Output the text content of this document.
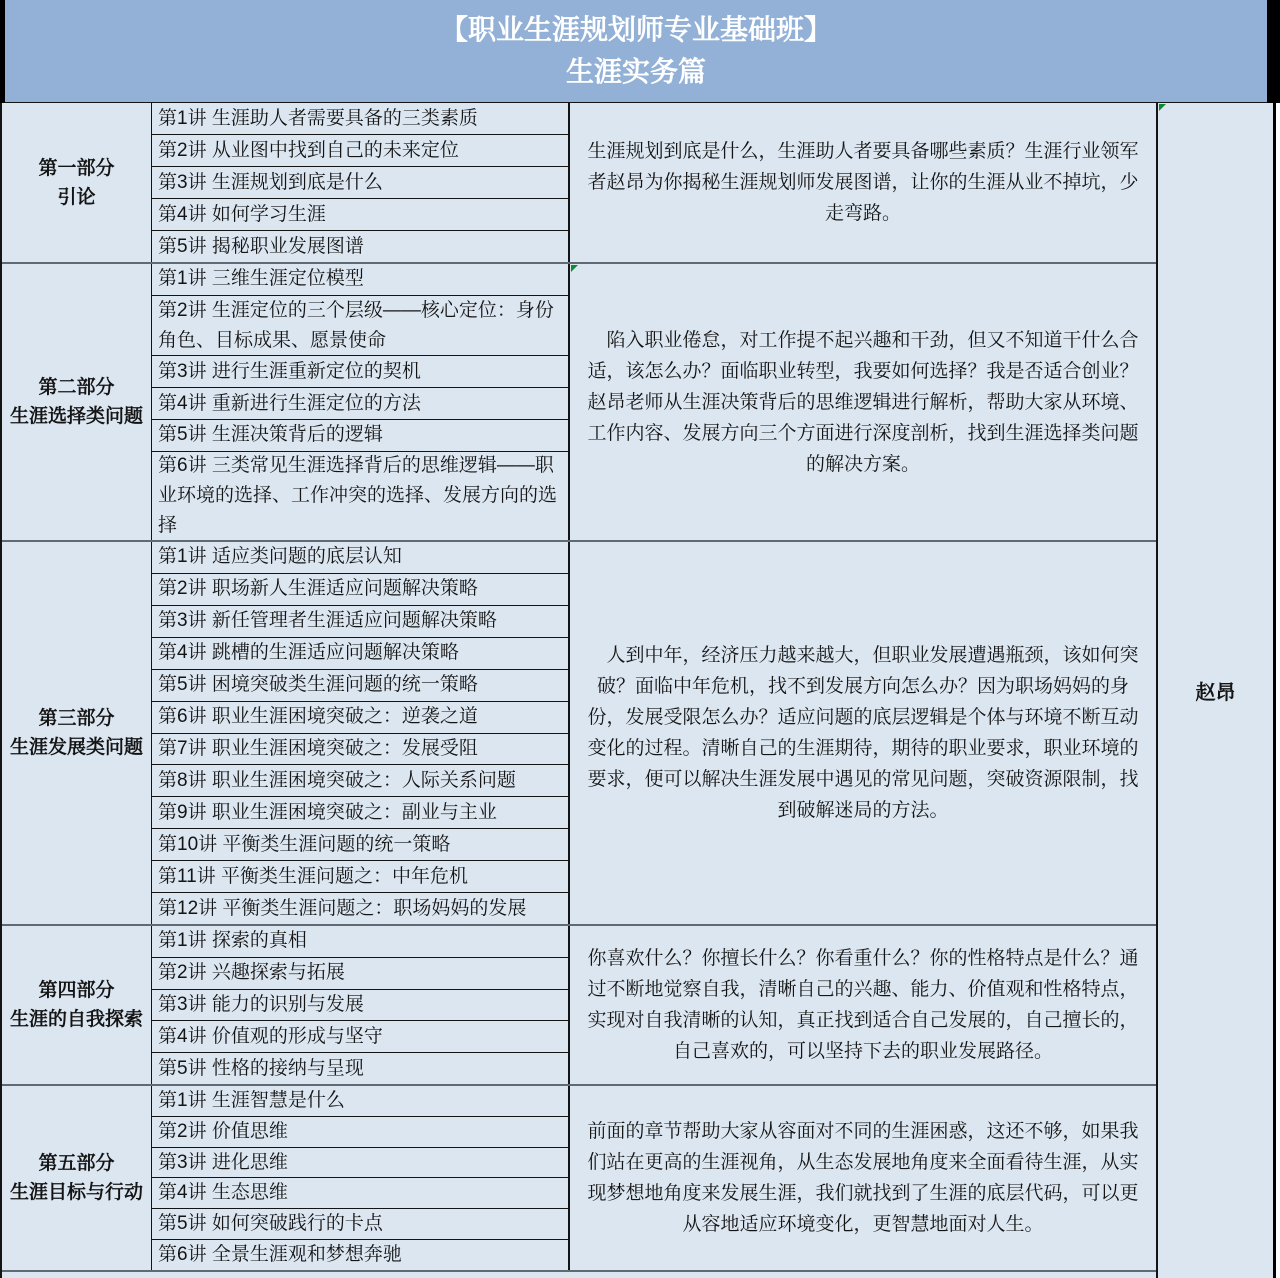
【职业生涯规划师专业基础班】
生涯实务篇
第一部分
引论
第1讲 生涯助人者需要具备的三类素质
第2讲 从业图中找到自己的未来定位
第3讲 生涯规划到底是什么
第4讲 如何学习生涯
第5讲 揭秘职业发展图谱

生涯规划到底是什么，生涯助人者要具备哪些素质？生涯行业领军者赵昂为你揭秘生涯规划师发展图谱，让你的生涯从业不掉坑，少走弯路。

第二部分
生涯选择类问题
第1讲 三维生涯定位模型
第2讲 生涯定位的三个层级——核心定位：身份角色、目标成果、愿景使命
第3讲 进行生涯重新定位的契机
第4讲 重新进行生涯定位的方法
第5讲 生涯决策背后的逻辑
第6讲 三类常见生涯选择背后的思维逻辑——职业环境的选择、工作冲突的选择、发展方向的选择

　陷入职业倦怠，对工作提不起兴趣和干劲，但又不知道干什么合适，该怎么办？面临职业转型，我要如何选择？我是否适合创业？赵昂老师从生涯决策背后的思维逻辑进行解析，帮助大家从环境、工作内容、发展方向三个方面进行深度剖析，找到生涯选择类问题的解决方案。

第三部分
生涯发展类问题
第1讲 适应类问题的底层认知
第2讲 职场新人生涯适应问题解决策略
第3讲 新任管理者生涯适应问题解决策略
第4讲 跳槽的生涯适应问题解决策略
第5讲 困境突破类生涯问题的统一策略
第6讲 职业生涯困境突破之：逆袭之道
第7讲 职业生涯困境突破之：发展受阻
第8讲 职业生涯困境突破之：人际关系问题
第9讲 职业生涯困境突破之：副业与主业
第10讲 平衡类生涯问题的统一策略
第11讲 平衡类生涯问题之：中年危机
第12讲 平衡类生涯问题之：职场妈妈的发展

　人到中年，经济压力越来越大，但职业发展遭遇瓶颈，该如何突破？面临中年危机，找不到发展方向怎么办？因为职场妈妈的身份，发展受限怎么办？适应问题的底层逻辑是个体与环境不断互动变化的过程。清晰自己的生涯期待，期待的职业要求，职业环境的要求，便可以解决生涯发展中遇见的常见问题，突破资源限制，找到破解迷局的方法。

第四部分
生涯的自我探索
第1讲 探索的真相
第2讲 兴趣探索与拓展
第3讲 能力的识别与发展
第4讲 价值观的形成与坚守
第5讲 性格的接纳与呈现

你喜欢什么？你擅长什么？你看重什么？你的性格特点是什么？通过不断地觉察自我，清晰自己的兴趣、能力、价值观和性格特点，实现对自我清晰的认知，真正找到适合自己发展的，自己擅长的，自己喜欢的，可以坚持下去的职业发展路径。

第五部分
生涯目标与行动
第1讲 生涯智慧是什么
第2讲 价值思维
第3讲 进化思维
第4讲 生态思维
第5讲 如何突破践行的卡点
第6讲 全景生涯观和梦想奔驰

前面的章节帮助大家从容面对不同的生涯困惑，这还不够，如果我们站在更高的生涯视角，从生态发展地角度来全面看待生涯，从实现梦想地角度来发展生涯，我们就找到了生涯的底层代码，可以更从容地适应环境变化，更智慧地面对人生。

赵昂
